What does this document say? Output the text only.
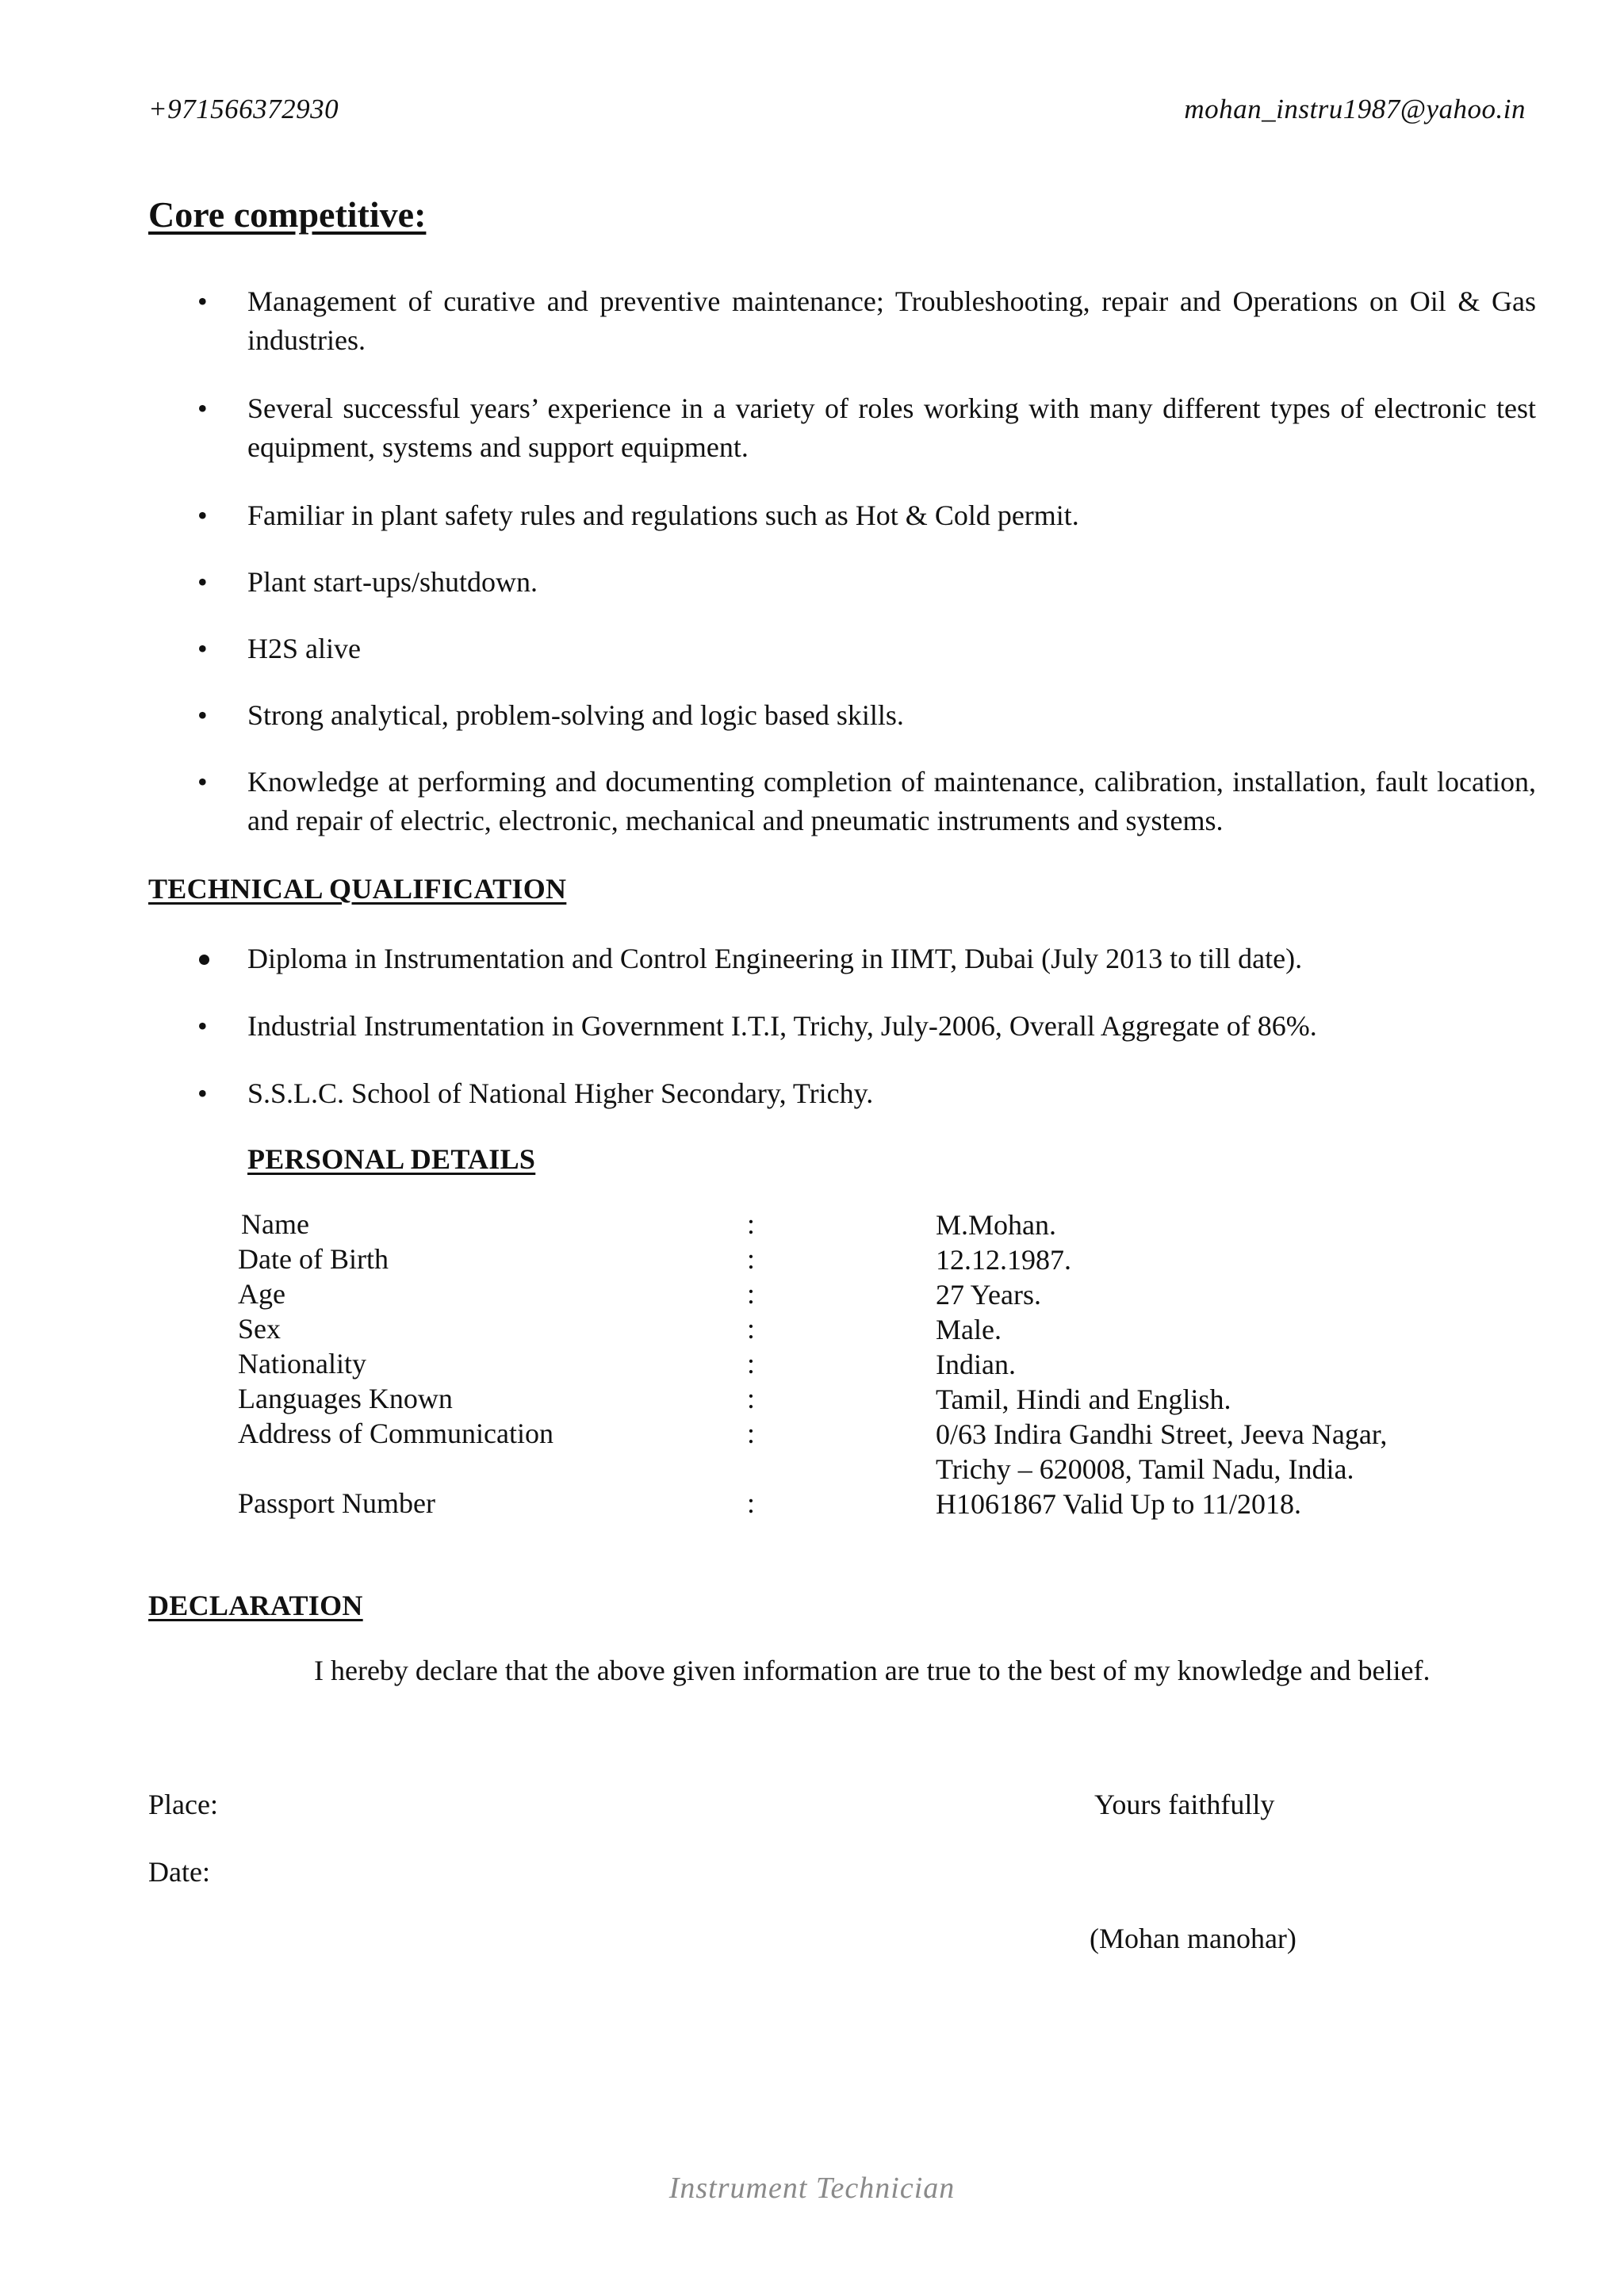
+971566372930	mohan_instru1987@yahoo.in
Core competitive:
• Management of curative and preventive maintenance; Troubleshooting, repair and Operations on Oil & Gas industries.
• Several successful years’ experience in a variety of roles working with many different types of electronic test equipment, systems and support equipment.
• Familiar in plant safety rules and regulations such as Hot & Cold permit.
• Plant start-ups/shutdown.
• H2S alive
• Strong analytical, problem-solving and logic based skills.
• Knowledge at performing and documenting completion of maintenance, calibration, installation, fault location, and repair of electric, electronic, mechanical and pneumatic instruments and systems.
TECHNICAL QUALIFICATION
Diploma in Instrumentation and Control Engineering in IIMT, Dubai (July 2013 to till date).
• Industrial Instrumentation in Government I.T.I, Trichy, July-2006, Overall Aggregate of 86%.
• S.S.L.C. School of National Higher Secondary, Trichy.
PERSONAL DETAILS
Name	:	M.Mohan.
Date of Birth	:	12.12.1987.
Age	:	27 Years.
Sex	:	Male.
Nationality	:	Indian.
Languages Known	:	Tamil, Hindi and English.
Address of Communication	:	0/63 Indira Gandhi Street, Jeeva Nagar,
Trichy – 620008, Tamil Nadu, India.
Passport Number	:	H1061867 Valid Up to 11/2018.
DECLARATION
I hereby declare that the above given information are true to the best of my knowledge and belief.
Place:	Yours faithfully
Date:
(Mohan manohar)
Instrument Technician
